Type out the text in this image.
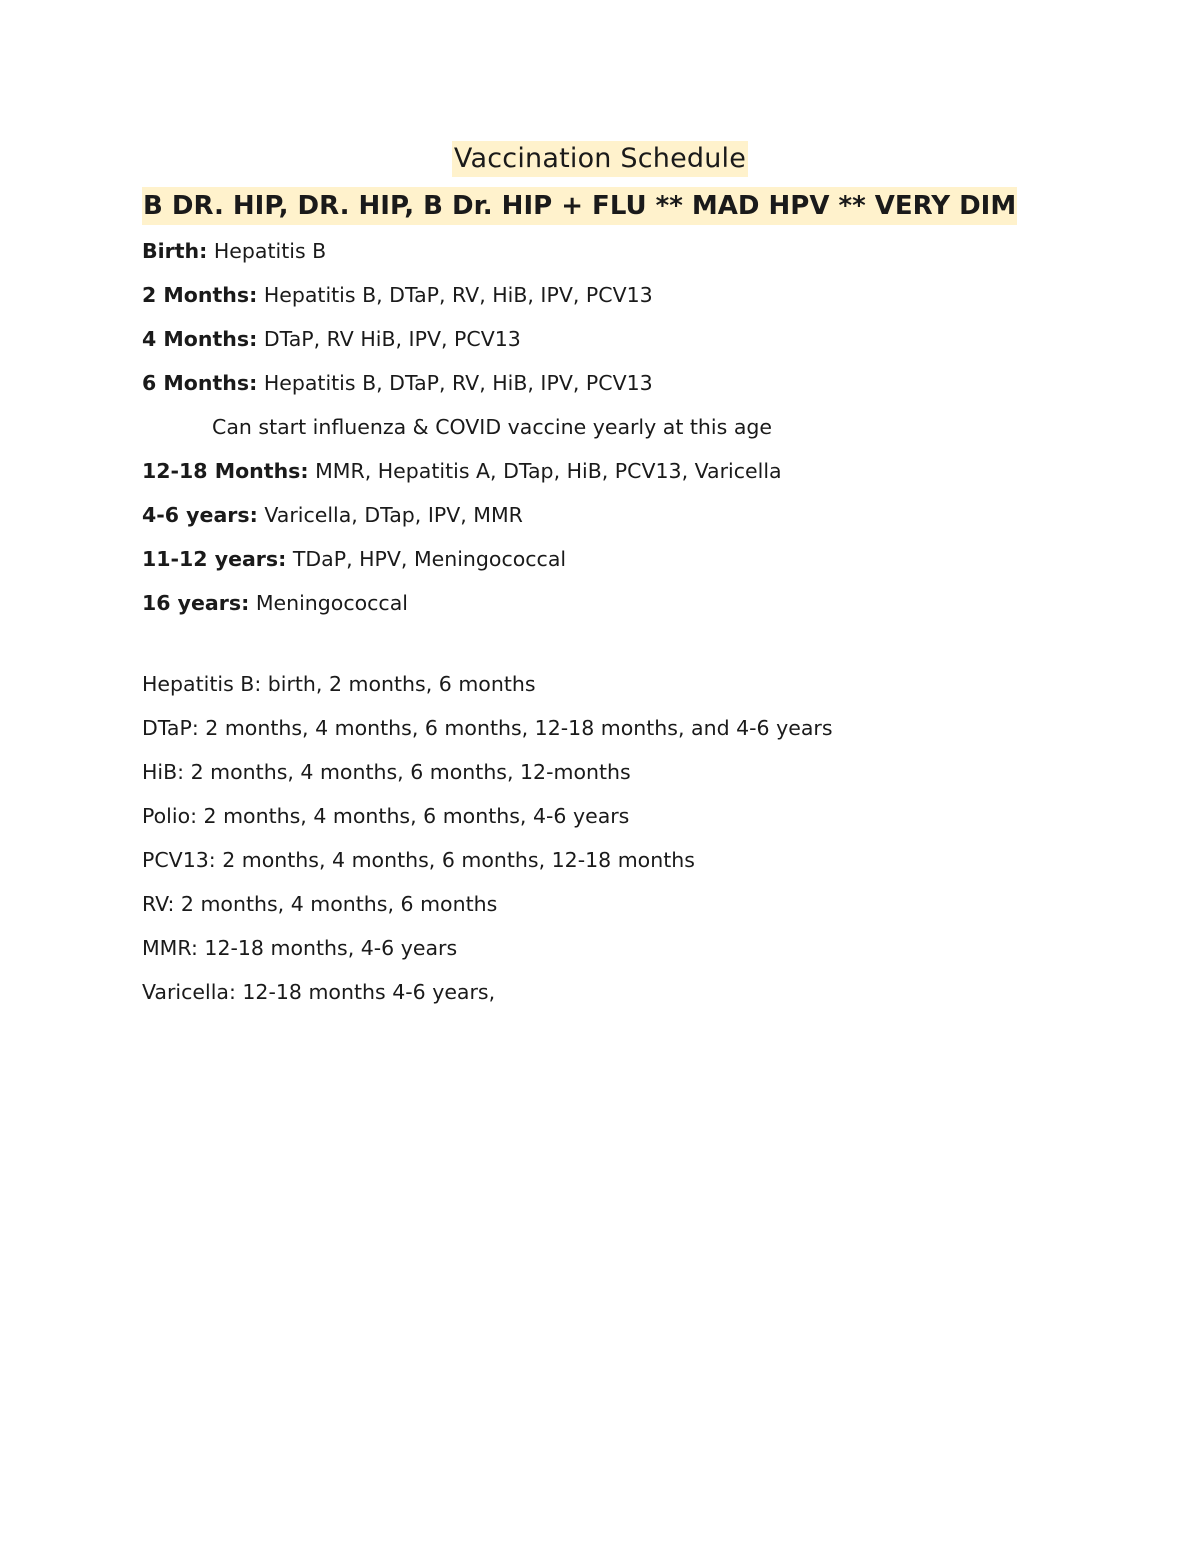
Vaccination Schedule
B DR. HIP, DR. HIP, B Dr. HIP + FLU ** MAD HPV ** VERY DIM
Birth: Hepatitis B
2 Months: Hepatitis B, DTaP, RV, HiB, IPV, PCV13
4 Months: DTaP, RV HiB, IPV, PCV13
6 Months: Hepatitis B, DTaP, RV, HiB, IPV, PCV13
Can start influenza & COVID vaccine yearly at this age
12-18 Months: MMR, Hepatitis A, DTap, HiB, PCV13, Varicella
4-6 years: Varicella, DTap, IPV, MMR
11-12 years: TDaP, HPV, Meningococcal
16 years: Meningococcal
Hepatitis B: birth, 2 months, 6 months
DTaP: 2 months, 4 months, 6 months, 12-18 months, and 4-6 years
HiB: 2 months, 4 months, 6 months, 12-months
Polio: 2 months, 4 months, 6 months, 4-6 years
PCV13: 2 months, 4 months, 6 months, 12-18 months
RV: 2 months, 4 months, 6 months
MMR: 12-18 months, 4-6 years
Varicella: 12-18 months 4-6 years,
